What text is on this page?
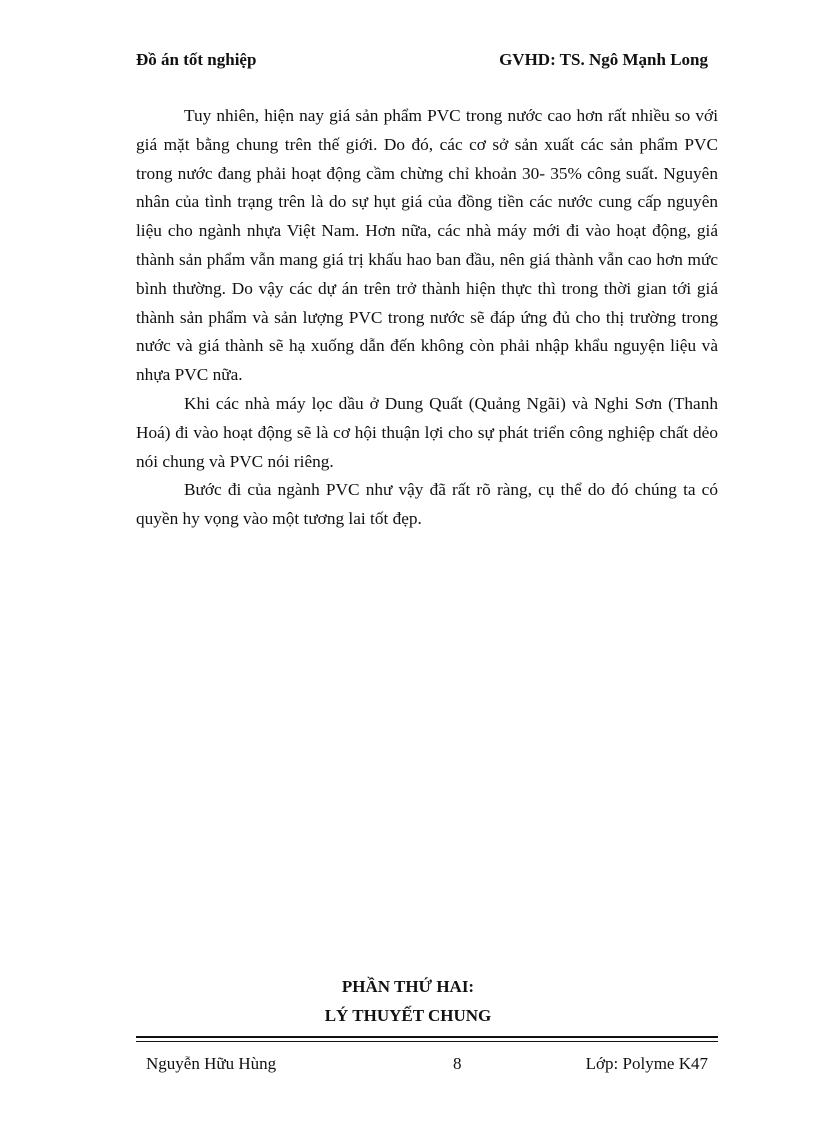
Đồ án tốt nghiệp	GVHD: TS. Ngô Mạnh Long

Tuy nhiên, hiện nay giá sản phẩm PVC trong nước cao hơn rất nhiều so với giá mặt bằng chung trên thế giới. Do đó, các cơ sở sản xuất các sản phẩm PVC trong nước đang phải hoạt động cầm chừng chỉ khoản 30- 35% công suất. Nguyên nhân của tình trạng trên là do sự hụt giá của đồng tiền các nước cung cấp nguyên liệu cho ngành nhựa Việt Nam. Hơn nữa, các nhà máy mới đi vào hoạt động, giá thành sản phẩm vẫn mang giá trị khấu hao ban đầu, nên giá thành vẫn cao hơn mức bình thường. Do vậy các dự án trên trở thành hiện thực thì trong thời gian tới giá thành sản phẩm và sản lượng PVC trong nước sẽ đáp ứng đủ cho thị trường trong nước và giá thành sẽ hạ xuống dẫn đến không còn phải nhập khẩu nguyện liệu và nhựa PVC nữa.

Khi các nhà máy lọc dầu ở Dung Quất (Quảng Ngãi) và Nghi Sơn (Thanh Hoá) đi vào hoạt động sẽ là cơ hội thuận lợi cho sự phát triển công nghiệp chất dẻo nói chung và PVC nói riêng.

Bước đi của ngành PVC như vậy đã rất rõ ràng, cụ thể do đó chúng ta có quyền hy vọng vào một tương lai tốt đẹp.

PHẦN THỨ HAI:
LÝ THUYẾT CHUNG
Nguyễn Hữu Hùng	8	Lớp: Polyme K47
